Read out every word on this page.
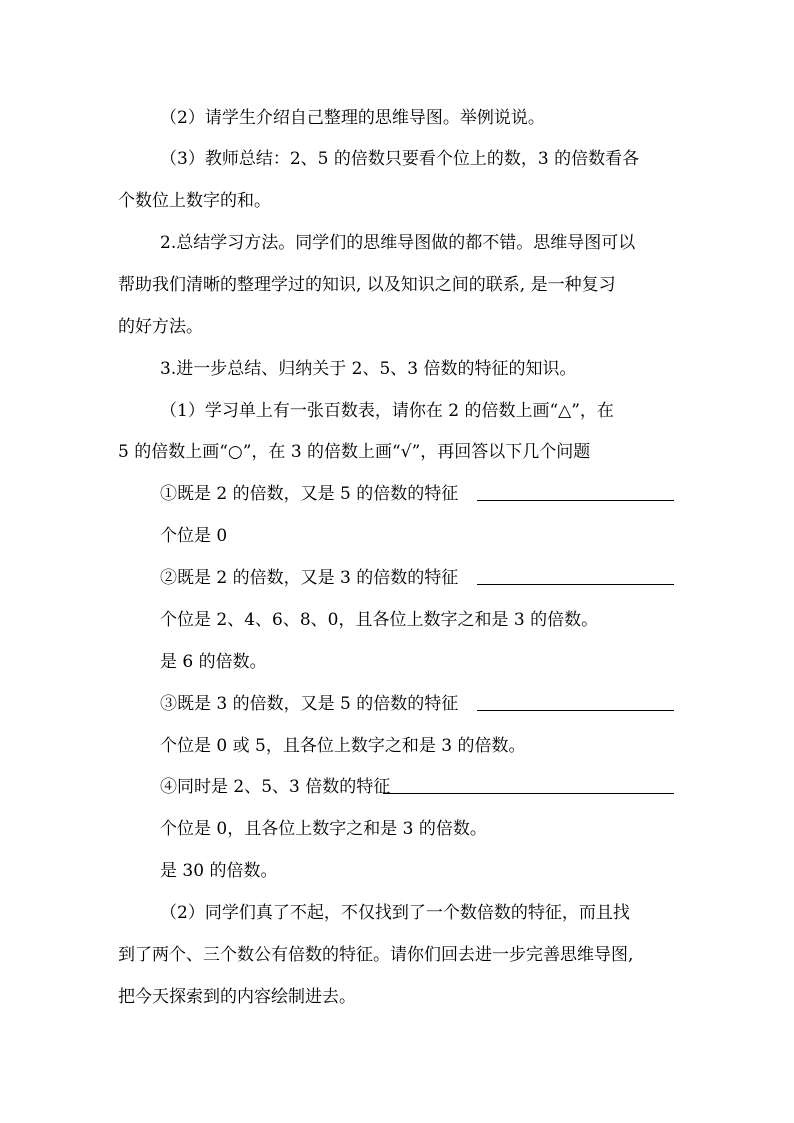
（2）请学生介绍自己整理的思维导图。举例说说。
（3）教师总结：2、5 的倍数只要看个位上的数，3 的倍数看各
个数位上数字的和。
2.总结学习方法。同学们的思维导图做的都不错。思维导图可以
帮助我们清晰的整理学过的知识, 以及知识之间的联系, 是一种复习
的好方法。
3.进一步总结、归纳关于 2、5、3 倍数的特征的知识。
（1）学习单上有一张百数表，请你在 2 的倍数上画“△”，在
5 的倍数上画“○”，在 3 的倍数上画“√”，再回答以下几个问题
①既是 2 的倍数，又是 5 的倍数的特征
个位是 0
②既是 2 的倍数，又是 3 的倍数的特征
个位是 2、4、6、8、0，且各位上数字之和是 3 的倍数。
是 6 的倍数。
③既是 3 的倍数，又是 5 的倍数的特征
个位是 0 或 5，且各位上数字之和是 3 的倍数。
④同时是 2、5、3 倍数的特征
个位是 0，且各位上数字之和是 3 的倍数。
是 30 的倍数。
（2）同学们真了不起，不仅找到了一个数倍数的特征，而且找
到了两个、三个数公有倍数的特征。请你们回去进一步完善思维导图,
把今天探索到的内容绘制进去。
